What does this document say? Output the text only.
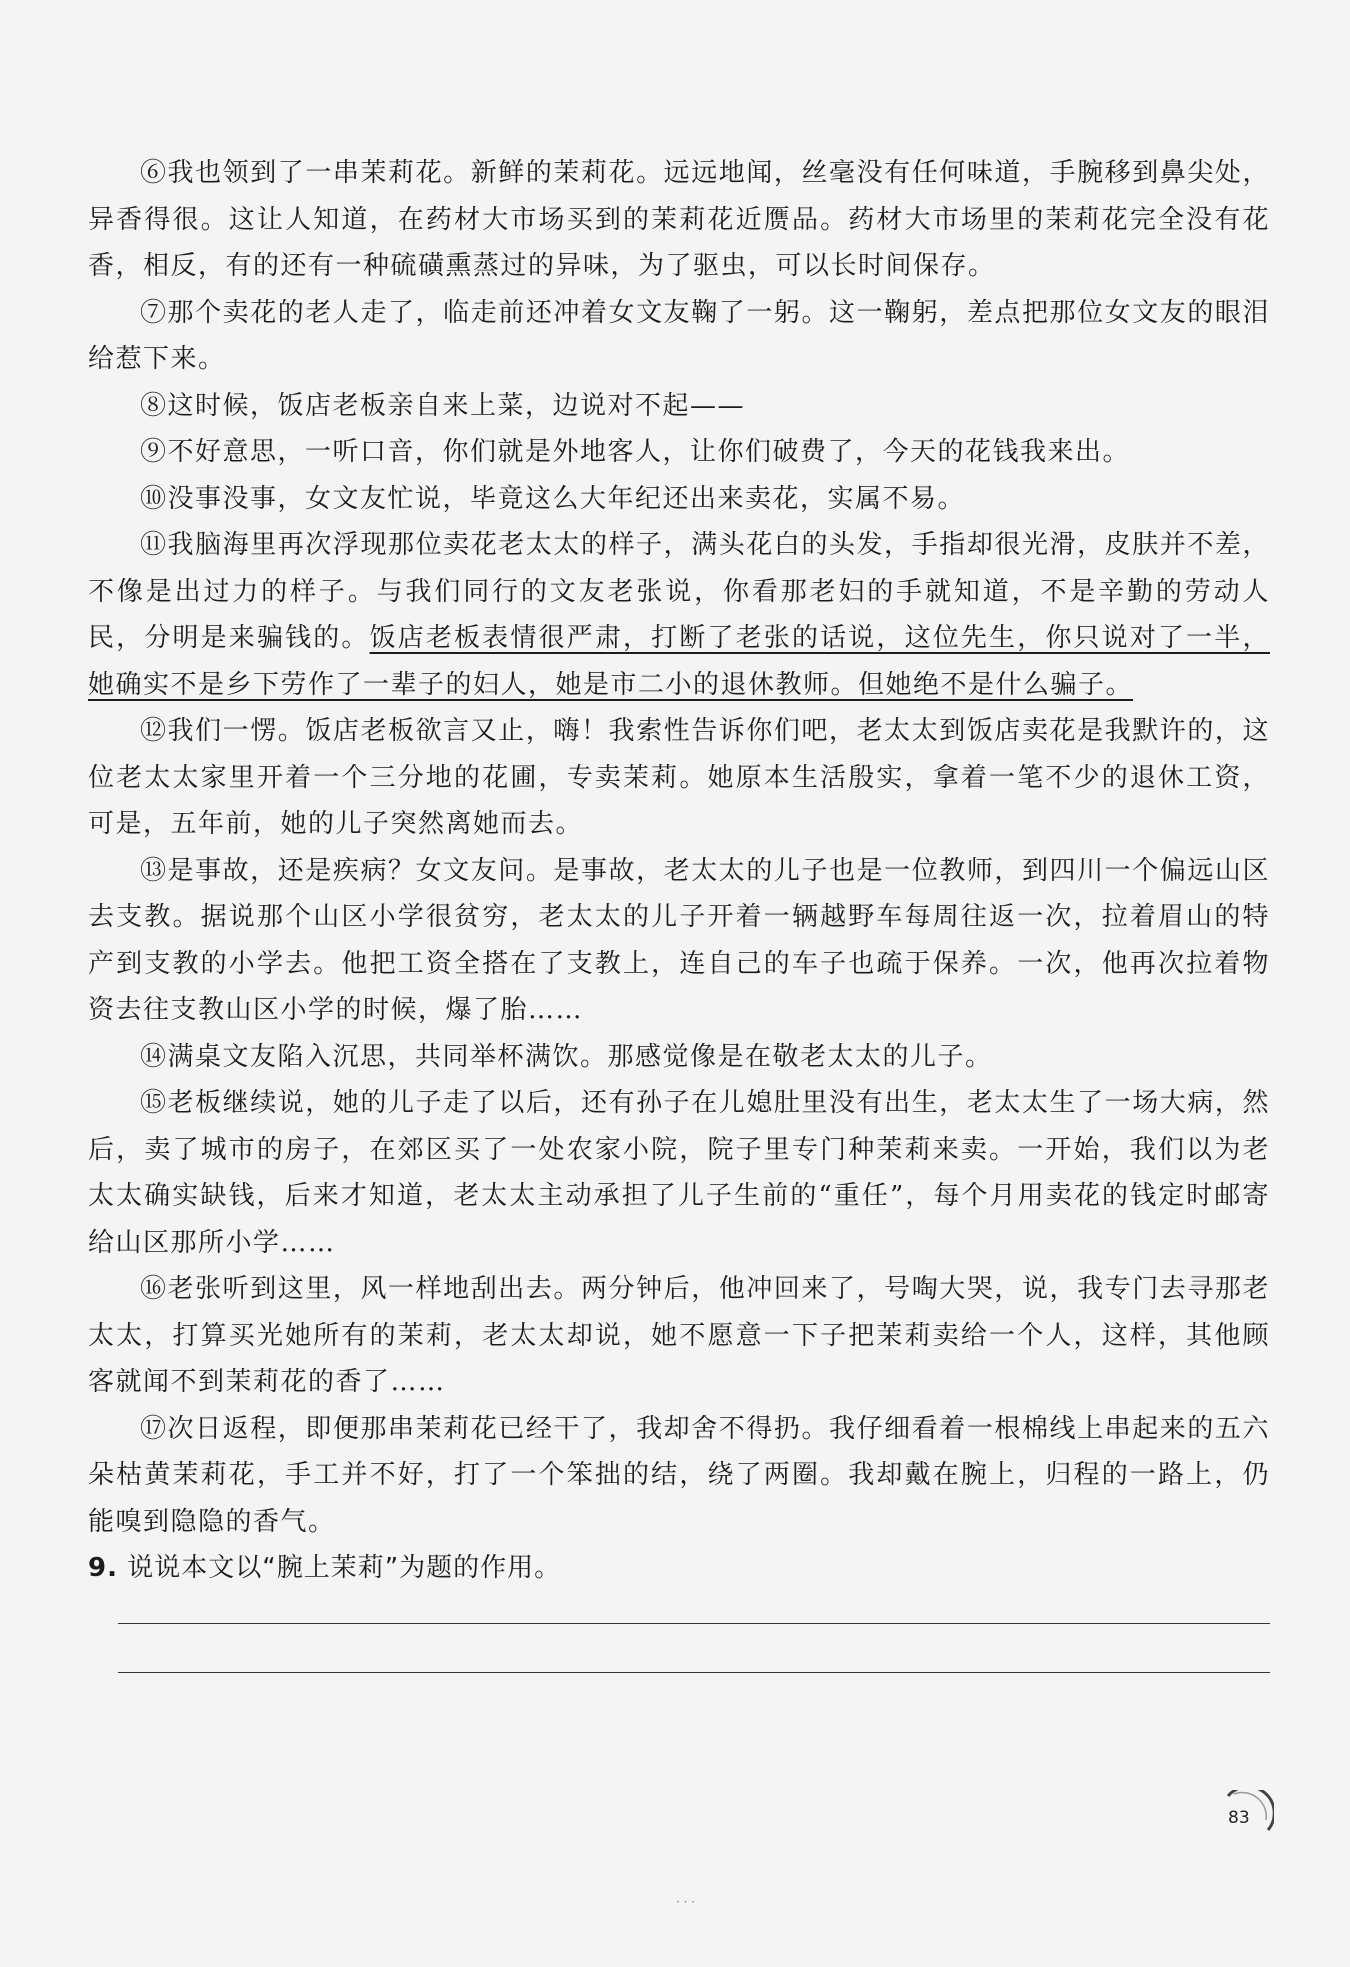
⑥我也领到了一串茉莉花。新鲜的茉莉花。远远地闻，丝毫没有任何味道，手腕移到鼻尖处，异香得很。这让人知道，在药材大市场买到的茉莉花近赝品。药材大市场里的茉莉花完全没有花香，相反，有的还有一种硫磺熏蒸过的异味，为了驱虫，可以长时间保存。

⑦那个卖花的老人走了，临走前还冲着女文友鞠了一躬。这一鞠躬，差点把那位女文友的眼泪给惹下来。

⑧这时候，饭店老板亲自来上菜，边说对不起——

⑨不好意思，一听口音，你们就是外地客人，让你们破费了，今天的花钱我来出。

⑩没事没事，女文友忙说，毕竟这么大年纪还出来卖花，实属不易。

⑪我脑海里再次浮现那位卖花老太太的样子，满头花白的头发，手指却很光滑，皮肤并不差，不像是出过力的样子。与我们同行的文友老张说，你看那老妇的手就知道，不是辛勤的劳动人民，分明是来骗钱的。饭店老板表情很严肃，打断了老张的话说，这位先生，你只说对了一半，她确实不是乡下劳作了一辈子的妇人，她是市二小的退休教师。但她绝不是什么骗子。

⑫我们一愣。饭店老板欲言又止，嗨！我索性告诉你们吧，老太太到饭店卖花是我默许的，这位老太太家里开着一个三分地的花圃，专卖茉莉。她原本生活殷实，拿着一笔不少的退休工资，可是，五年前，她的儿子突然离她而去。

⑬是事故，还是疾病？女文友问。是事故，老太太的儿子也是一位教师，到四川一个偏远山区去支教。据说那个山区小学很贫穷，老太太的儿子开着一辆越野车每周往返一次，拉着眉山的特产到支教的小学去。他把工资全搭在了支教上，连自己的车子也疏于保养。一次，他再次拉着物资去往支教山区小学的时候，爆了胎……

⑭满桌文友陷入沉思，共同举杯满饮。那感觉像是在敬老太太的儿子。

⑮老板继续说，她的儿子走了以后，还有孙子在儿媳肚里没有出生，老太太生了一场大病，然后，卖了城市的房子，在郊区买了一处农家小院，院子里专门种茉莉来卖。一开始，我们以为老太太确实缺钱，后来才知道，老太太主动承担了儿子生前的“重任”，每个月用卖花的钱定时邮寄给山区那所小学……

⑯老张听到这里，风一样地刮出去。两分钟后，他冲回来了，号啕大哭，说，我专门去寻那老太太，打算买光她所有的茉莉，老太太却说，她不愿意一下子把茉莉卖给一个人，这样，其他顾客就闻不到茉莉花的香了……

⑰次日返程，即便那串茉莉花已经干了，我却舍不得扔。我仔细看着一根棉线上串起来的五六朵枯黄茉莉花，手工并不好，打了一个笨拙的结，绕了两圈。我却戴在腕上，归程的一路上，仍能嗅到隐隐的香气。

9. 说说本文以“腕上茉莉”为题的作用。

83
· · ·
